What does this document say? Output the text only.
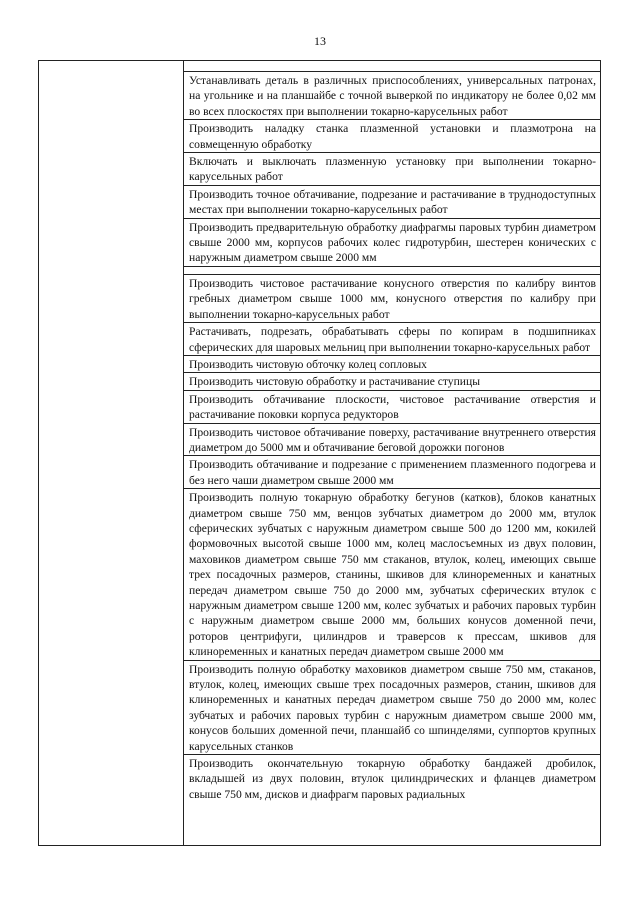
13
Устанавливать деталь в различных приспособлениях, универсальных патронах, на угольнике и на планшайбе с точной выверкой по индикатору не более 0,02 мм во всех плоскостях при выполнении токарно-карусельных работ
Производить наладку станка плазменной установки и плазмотрона на совмещенную обработку
Включать и выключать плазменную установку при выполнении токарно-карусельных работ
Производить точное обтачивание, подрезание и растачивание в труднодоступных местах при выполнении токарно-карусельных работ
Производить предварительную обработку диафрагмы паровых турбин диаметром свыше 2000 мм, корпусов рабочих колес гидротурбин, шестерен конических с наружным диаметром свыше 2000 мм
Производить чистовое растачивание конусного отверстия по калибру винтов гребных диаметром свыше 1000 мм, конусного отверстия по калибру при выполнении токарно-карусельных работ
Растачивать, подрезать, обрабатывать сферы по копирам в подшипниках сферических для шаровых мельниц при выполнении токарно-карусельных работ
Производить чистовую обточку колец сопловых
Производить чистовую обработку и растачивание ступицы
Производить обтачивание плоскости, чистовое растачивание отверстия и растачивание поковки корпуса редукторов
Производить чистовое обтачивание поверху, растачивание внутреннего отверстия диаметром до 5000 мм и обтачивание беговой дорожки погонов
Производить обтачивание и подрезание с применением плазменного подогрева и без него чаши диаметром свыше 2000 мм
Производить полную токарную обработку бегунов (катков), блоков канатных диаметром свыше 750 мм, венцов зубчатых диаметром до 2000 мм, втулок сферических зубчатых с наружным диаметром свыше 500 до 1200 мм, кокилей формовочных высотой свыше 1000 мм, колец маслосъемных из двух половин, маховиков диаметром свыше 750 мм стаканов, втулок, колец, имеющих свыше трех посадочных размеров, станины, шкивов для клиноременных и канатных передач диаметром свыше 750 до 2000 мм, зубчатых сферических втулок с наружным диаметром свыше 1200 мм, колес зубчатых и рабочих паровых турбин с наружным диаметром свыше 2000 мм, больших конусов доменной печи, роторов центрифуги, цилиндров и траверсов к прессам, шкивов для клиноременных и канатных передач диаметром свыше 2000 мм
Производить полную обработку маховиков диаметром свыше 750 мм, стаканов, втулок, колец, имеющих свыше трех посадочных размеров, станин, шкивов для клиноременных и канатных передач диаметром свыше 750 до 2000 мм, колес зубчатых и рабочих паровых турбин с наружным диаметром свыше 2000 мм, конусов больших доменной печи, планшайб со шпинделями, суппортов крупных карусельных станков
Производить окончательную токарную обработку бандажей дробилок, вкладышей из двух половин, втулок цилиндрических и фланцев диаметром свыше 750 мм, дисков и диафрагм паровых радиальных
